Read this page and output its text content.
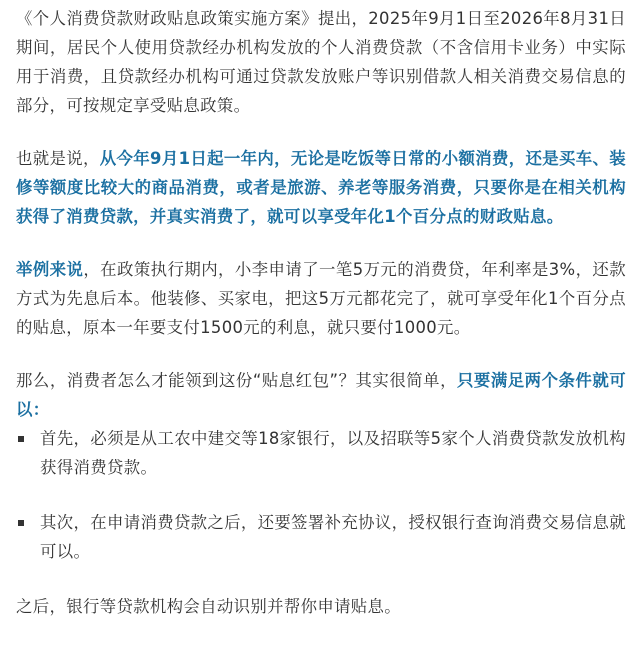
《个人消费贷款财政贴息政策实施方案》提出，2025年9月1日至2026年8月31日期间，居民个人使用贷款经办机构发放的个人消费贷款（不含信用卡业务）中实际用于消费，且贷款经办机构可通过贷款发放账户等识别借款人相关消费交易信息的部分，可按规定享受贴息政策。

也就是说，从今年9月1日起一年内，无论是吃饭等日常的小额消费，还是买车、装修等额度比较大的商品消费，或者是旅游、养老等服务消费，只要你是在相关机构获得了消费贷款，并真实消费了，就可以享受年化1个百分点的财政贴息。

举例来说，在政策执行期内，小李申请了一笔5万元的消费贷，年利率是3%，还款方式为先息后本。他装修、买家电，把这5万元都花完了，就可享受年化1个百分点的贴息，原本一年要支付1500元的利息，就只要付1000元。

那么，消费者怎么才能领到这份“贴息红包”？其实很简单，只要满足两个条件就可以：

首先，必须是从工农中建交等18家银行，以及招联等5家个人消费贷款发放机构获得消费贷款。
其次，在申请消费贷款之后，还要签署补充协议，授权银行查询消费交易信息就可以。

之后，银行等贷款机构会自动识别并帮你申请贴息。
